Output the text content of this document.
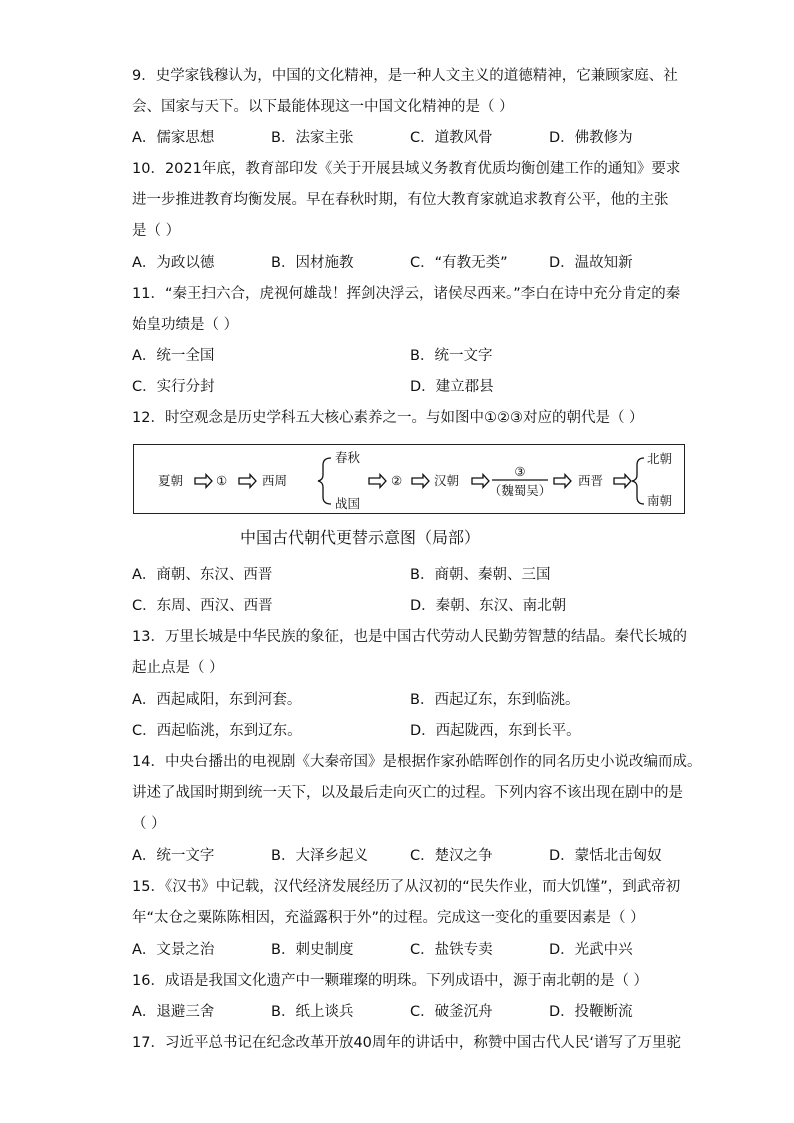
9．史学家钱穆认为，中国的文化精神，是一种人文主义的道德精神，它兼顾家庭、社
会、国家与天下。以下最能体现这一中国文化精神的是（ ）
A．儒家思想	B．法家主张	C．道教风骨	D．佛教修为
10．2021年底，教育部印发《关于开展县域义务教育优质均衡创建工作的通知》要求
进一步推进教育均衡发展。早在春秋时期，有位大教育家就追求教育公平，他的主张
是（ ）
A．为政以德	B．因材施教	C．“有教无类”	D．温故知新
11．“秦王扫六合，虎视何雄哉！挥剑决浮云，诸侯尽西来。”李白在诗中充分肯定的秦
始皇功绩是（ ）
A．统一全国	B．统一文字
C．实行分封	D．建立郡县
12．时空观念是历史学科五大核心素养之一。与如图中①②③对应的朝代是（ ）
夏朝	①	西周
春秋
战国
②	汉朝
③
（魏蜀吴）
西晋
北朝
南朝
中国古代朝代更替示意图（局部）
A．商朝、东汉、西晋	B．商朝、秦朝、三国
C．东周、西汉、西晋	D．秦朝、东汉、南北朝
13．万里长城是中华民族的象征，也是中国古代劳动人民勤劳智慧的结晶。秦代长城的
起止点是（ ）
A．西起咸阳，东到河套。	B．西起辽东，东到临洮。
C．西起临洮，东到辽东。	D．西起陇西，东到长平。
14．中央台播出的电视剧《大秦帝国》是根据作家孙皓晖创作的同名历史小说改编而成。
讲述了战国时期到统一天下，以及最后走向灭亡的过程。下列内容不该出现在剧中的是
（ ）
A．统一文字	B．大泽乡起义	C．楚汉之争	D．蒙恬北击匈奴
15．《汉书》中记载，汉代经济发展经历了从汉初的“民失作业，而大饥馑”，到武帝初
年“太仓之粟陈陈相因，充溢露积于外”的过程。完成这一变化的重要因素是（ ）
A．文景之治	B．刺史制度	C．盐铁专卖	D．光武中兴
16．成语是我国文化遗产中一颗璀璨的明珠。下列成语中，源于南北朝的是（ ）
A．退避三舍	B．纸上谈兵	C．破釜沉舟	D．投鞭断流
17．习近平总书记在纪念改革开放40周年的讲话中，称赞中国古代人民‘谱写了万里驼
